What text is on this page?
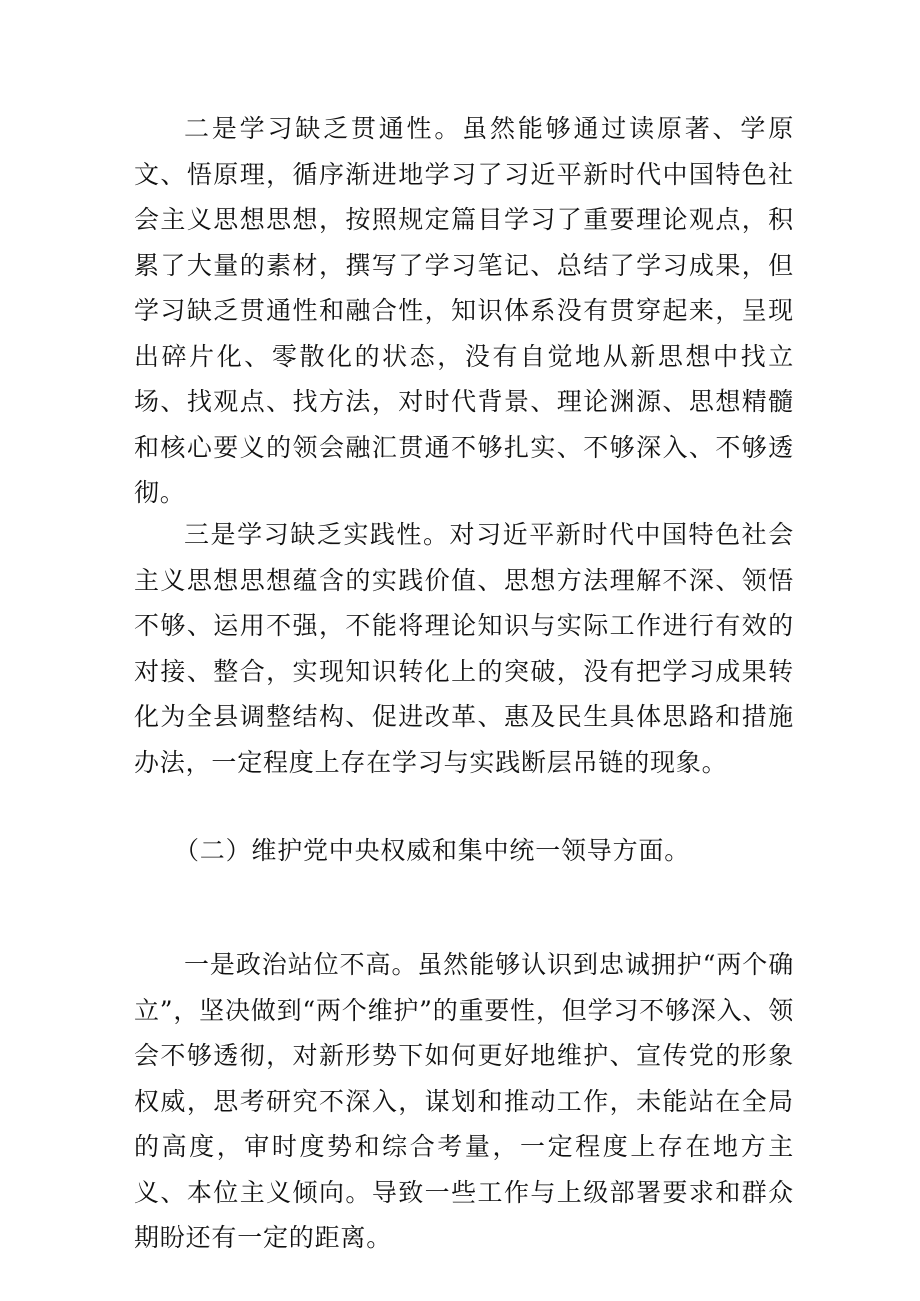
二是学习缺乏贯通性。虽然能够通过读原著、学原文、悟原理，循序渐进地学习了习近平新时代中国特色社会主义思想思想，按照规定篇目学习了重要理论观点，积累了大量的素材，撰写了学习笔记、总结了学习成果，但学习缺乏贯通性和融合性，知识体系没有贯穿起来，呈现出碎片化、零散化的状态，没有自觉地从新思想中找立场、找观点、找方法，对时代背景、理论渊源、思想精髓和核心要义的领会融汇贯通不够扎实、不够深入、不够透彻。

三是学习缺乏实践性。对习近平新时代中国特色社会主义思想思想蕴含的实践价值、思想方法理解不深、领悟不够、运用不强，不能将理论知识与实际工作进行有效的对接、整合，实现知识转化上的突破，没有把学习成果转化为全县调整结构、促进改革、惠及民生具体思路和措施办法，一定程度上存在学习与实践断层吊链的现象。

（二）维护党中央权威和集中统一领导方面。

一是政治站位不高。虽然能够认识到忠诚拥护“两个确立”，坚决做到“两个维护”的重要性，但学习不够深入、领会不够透彻，对新形势下如何更好地维护、宣传党的形象权威，思考研究不深入，谋划和推动工作，未能站在全局的高度，审时度势和综合考量，一定程度上存在地方主义、本位主义倾向。导致一些工作与上级部署要求和群众期盼还有一定的距离。
